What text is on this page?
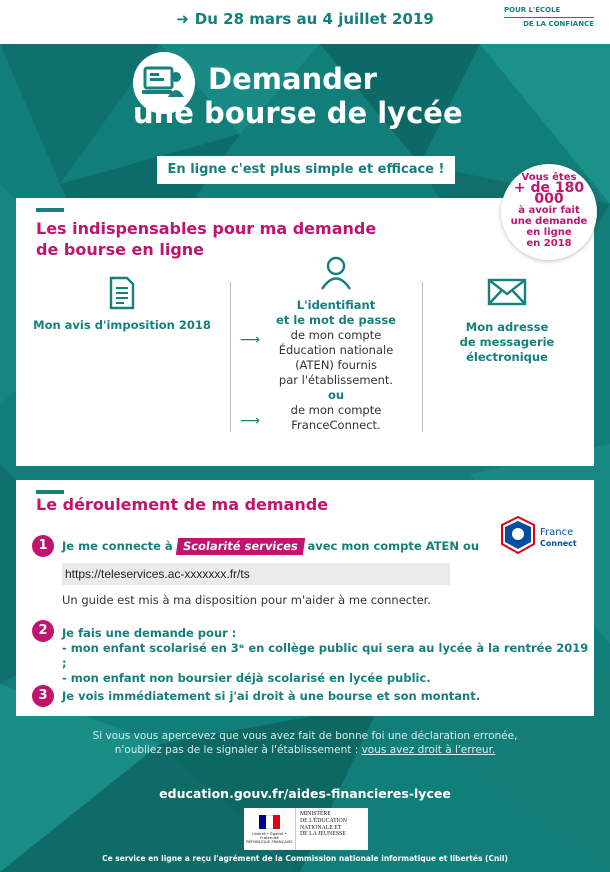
➜ Du 28 mars au 4 juillet 2019	POUR L'ÉCOLE
DE LA CONFIANCE
Demander
une bourse de lycée
En ligne c'est plus simple et efficace !
Les indispensables pour ma demande
de bourse en ligne
Mon avis d'imposition 2018
L'identifiant
et le mot de passe
de mon compte
Éducation nationale
(ATEN) fournis
par l'établissement.
ou
de mon compte
FranceConnect.
⟶
⟶
Mon adresse
de messagerie
électronique
Vous êtes
+ de 180 000
à avoir fait
une demande
en ligne
en 2018
Le déroulement de ma demande
1	Je me connecte à Scolarité services avec mon compte ATEN ou
France
Connect
https://teleservices.ac-xxxxxxx.fr/ts
Un guide est mis à ma disposition pour m'aider à me connecter.
2	Je fais une demande pour :
- mon enfant scolarisé en 3ᵉ en collège public qui sera au lycée à la rentrée 2019 ;
- mon enfant non boursier déjà scolarisé en lycée public.
3	Je vois immédiatement si j'ai droit à une bourse et son montant.
Si vous vous apercevez que vous avez fait de bonne foi une déclaration erronée,
n'oubliez pas de le signaler à l'établissement : vous avez droit à l'erreur.
education.gouv.fr/aides-financieres-lycee
Liberté • Égalité • Fraternité
RÉPUBLIQUE FRANÇAISE
MINISTÈRE
DE L'ÉDUCATION
NATIONALE ET
DE LA JEUNESSE
Ce service en ligne a reçu l'agrément de la Commission nationale informatique et libertés (Cnil)
